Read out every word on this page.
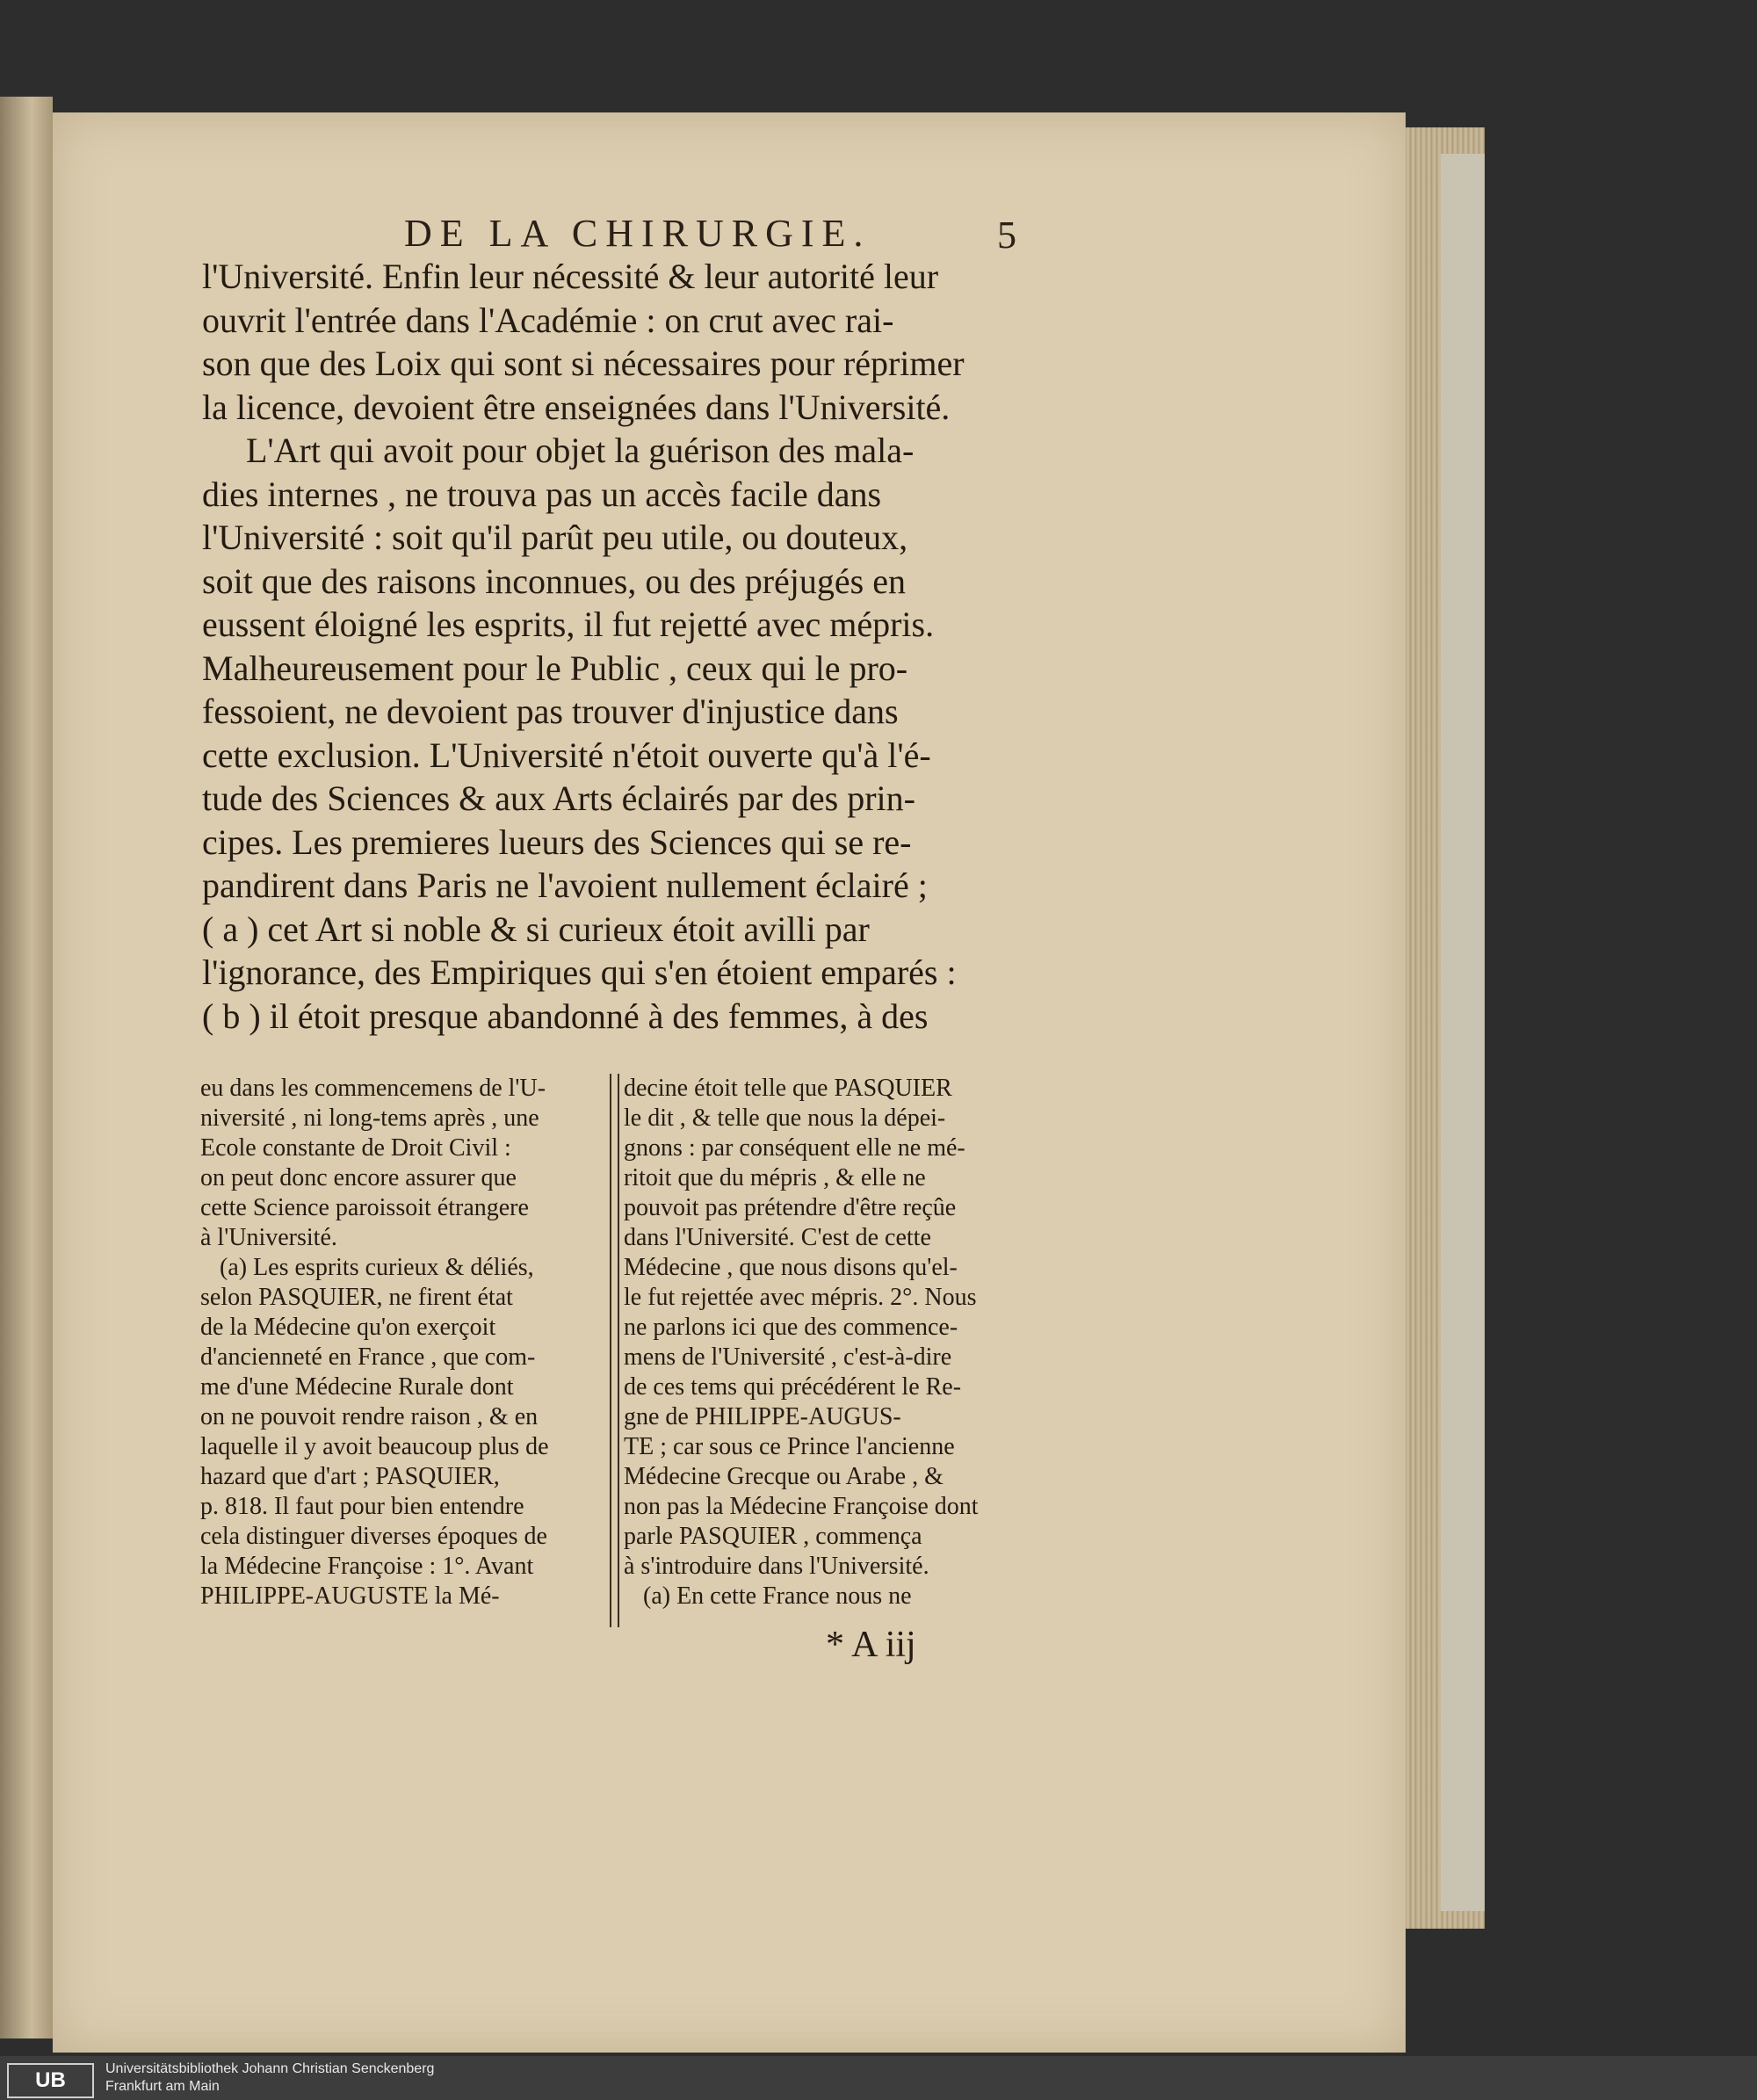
DE LA CHIRURGIE.	5

l'Université. Enfin leur nécessité & leur autorité leur
ouvrit l'entrée dans l'Académie : on crut avec rai-
son que des Loix qui sont si nécessaires pour réprimer
la licence, devoient être enseignées dans l'Université.

L'Art qui avoit pour objet la guérison des mala-
dies internes , ne trouva pas un accès facile dans
l'Université : soit qu'il parût peu utile, ou douteux,
soit que des raisons inconnues, ou des préjugés en
eussent éloigné les esprits, il fut rejetté avec mépris.
Malheureusement pour le Public , ceux qui le pro-
fessoient, ne devoient pas trouver d'injustice dans
cette exclusion. L'Université n'étoit ouverte qu'à l'é-
tude des Sciences & aux Arts éclairés par des prin-
cipes. Les premieres lueurs des Sciences qui se re-
pandirent dans Paris ne l'avoient nullement éclairé ;
( a ) cet Art si noble & si curieux étoit avilli par
l'ignorance, des Empiriques qui s'en étoient emparés :
( b ) il étoit presque abandonné à des femmes, à des

eu dans les commencemens de l'U-
niversité , ni long-tems après , une
Ecole constante de Droit Civil :
on peut donc encore assurer que
cette Science paroissoit étrangere
à l'Université.

(a) Les esprits curieux & déliés,
selon PASQUIER, ne firent état
de la Médecine qu'on exerçoit
d'ancienneté en France , que com-
me d'une Médecine Rurale dont
on ne pouvoit rendre raison , & en
laquelle il y avoit beaucoup plus de
hazard que d'art ; PASQUIER,
p. 818. Il faut pour bien entendre
cela distinguer diverses époques de
la Médecine Françoise : 1°. Avant
PHILIPPE-AUGUSTE la Mé-

decine étoit telle que PASQUIER
le dit , & telle que nous la dépei-
gnons : par conséquent elle ne mé-
ritoit que du mépris , & elle ne
pouvoit pas prétendre d'être reçûe
dans l'Université. C'est de cette
Médecine , que nous disons qu'el-
le fut rejettée avec mépris. 2°. Nous
ne parlons ici que des commence-
mens de l'Université , c'est-à-dire
de ces tems qui précédérent le Re-
gne de PHILIPPE-AUGUS-
TE ; car sous ce Prince l'ancienne
Médecine Grecque ou Arabe , &
non pas la Médecine Françoise dont
parle PASQUIER , commença
à s'introduire dans l'Université.

(a) En cette France nous ne

* A iij
UB	Universitätsbibliothek Johann Christian Senckenberg
Frankfurt am Main
